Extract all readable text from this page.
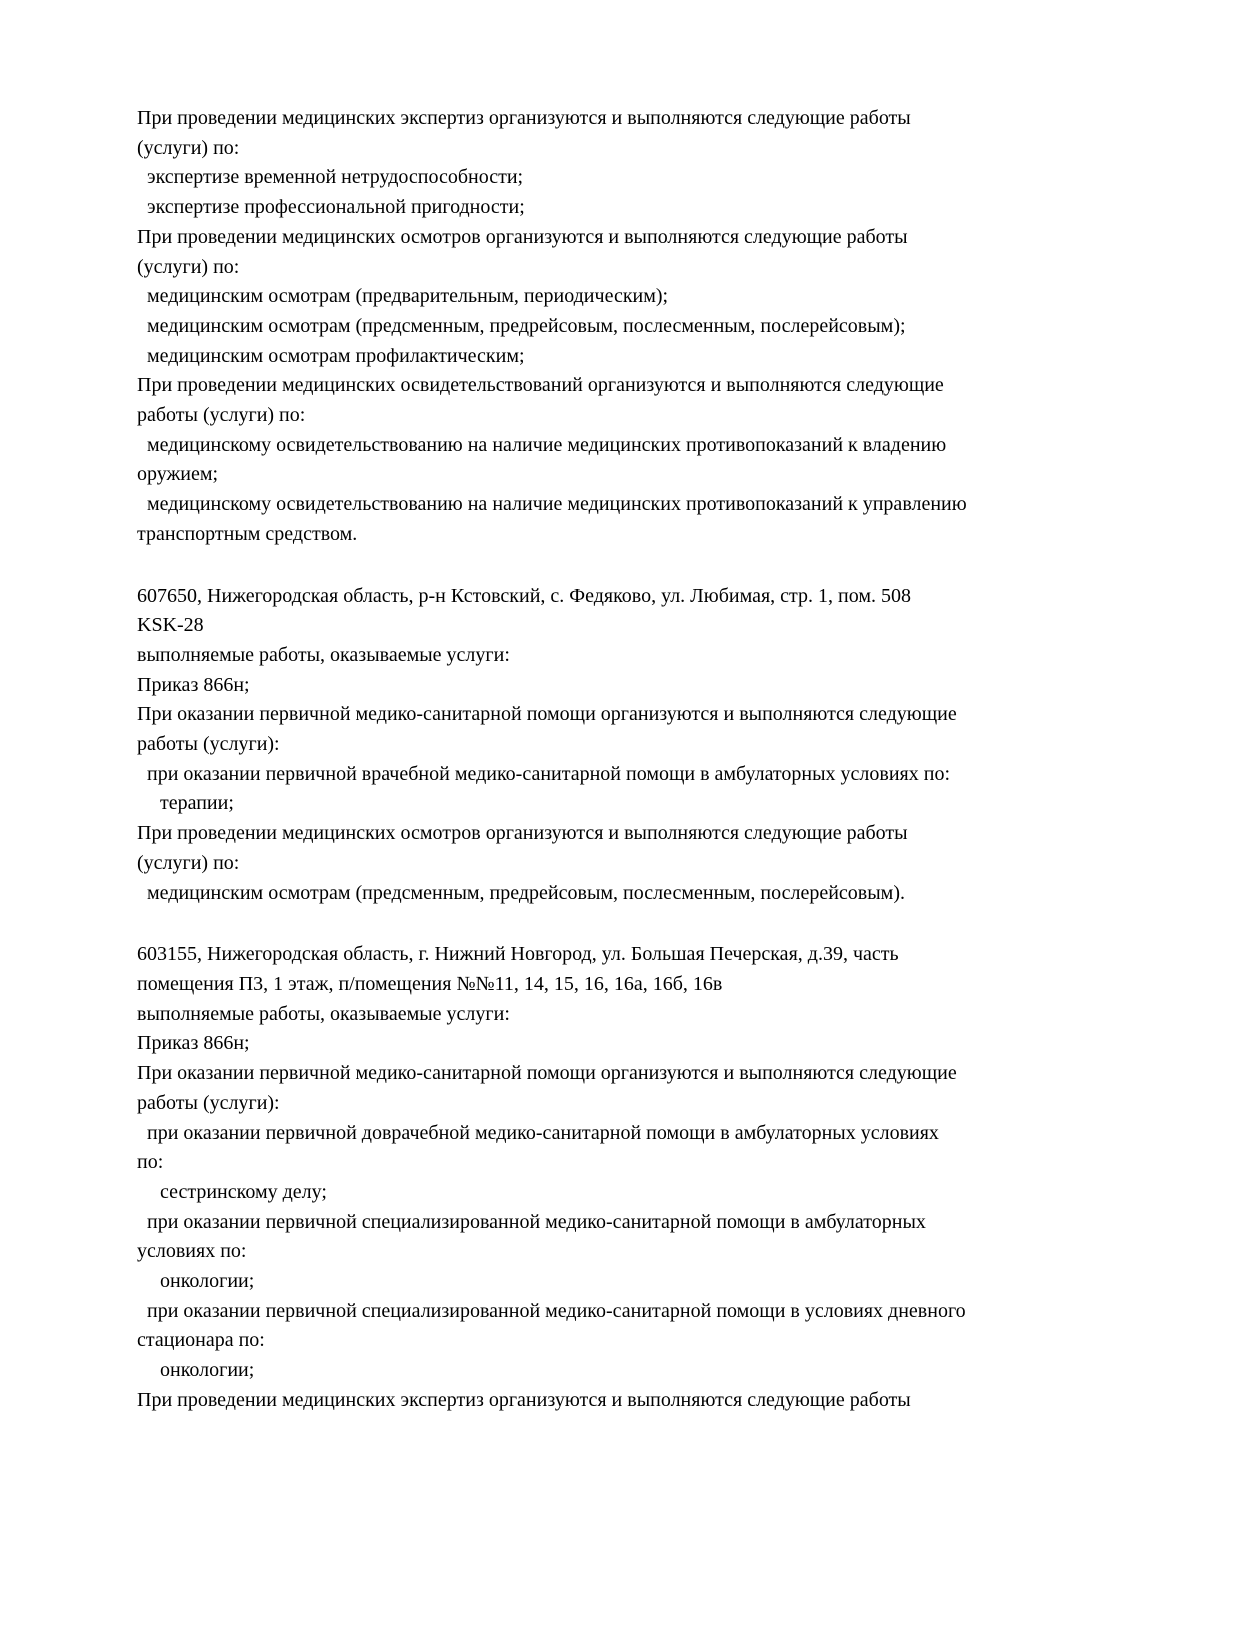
При проведении медицинских экспертиз организуются и выполняются следующие работы
(услуги) по:
экспертизе временной нетрудоспособности;
экспертизе профессиональной пригодности;
При проведении медицинских осмотров организуются и выполняются следующие работы
(услуги) по:
медицинским осмотрам (предварительным, периодическим);
медицинским осмотрам (предсменным, предрейсовым, послесменным, послерейсовым);
медицинским осмотрам профилактическим;
При проведении медицинских освидетельствований организуются и выполняются следующие
работы (услуги) по:
медицинскому освидетельствованию на наличие медицинских противопоказаний к владению
оружием;
медицинскому освидетельствованию на наличие медицинских противопоказаний к управлению
транспортным средством.
607650, Нижегородская область, р-н Кстовский, с. Федяково, ул. Любимая, стр. 1, пом. 508
KSK-28
выполняемые работы, оказываемые услуги:
Приказ 866н;
При оказании первичной медико-санитарной помощи организуются и выполняются следующие
работы (услуги):
при оказании первичной врачебной медико-санитарной помощи в амбулаторных условиях по:
терапии;
При проведении медицинских осмотров организуются и выполняются следующие работы
(услуги) по:
медицинским осмотрам (предсменным, предрейсовым, послесменным, послерейсовым).
603155, Нижегородская область, г. Нижний Новгород, ул. Большая Печерская, д.39, часть
помещения П3, 1 этаж, п/помещения №№11, 14, 15, 16, 16а, 16б, 16в
выполняемые работы, оказываемые услуги:
Приказ 866н;
При оказании первичной медико-санитарной помощи организуются и выполняются следующие
работы (услуги):
при оказании первичной доврачебной медико-санитарной помощи в амбулаторных условиях
по:
сестринскому делу;
при оказании первичной специализированной медико-санитарной помощи в амбулаторных
условиях по:
онкологии;
при оказании первичной специализированной медико-санитарной помощи в условиях дневного
стационара по:
онкологии;
При проведении медицинских экспертиз организуются и выполняются следующие работы
